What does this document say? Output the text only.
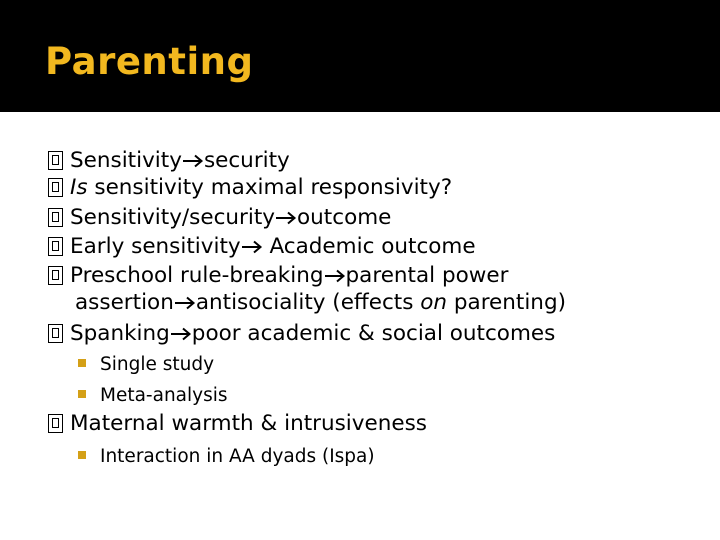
Parenting
Sensitivity security
Is sensitivity maximal responsivity?
Sensitivity/security outcome
Early sensitivity
Academic outcome
Preschool rule-breaking parental power
assertion antisociality (effects on parenting)
Spanking poor academic & social outcomes
Single study
Meta-analysis
Maternal warmth & intrusiveness
Interaction in AA dyads (Ispa)
